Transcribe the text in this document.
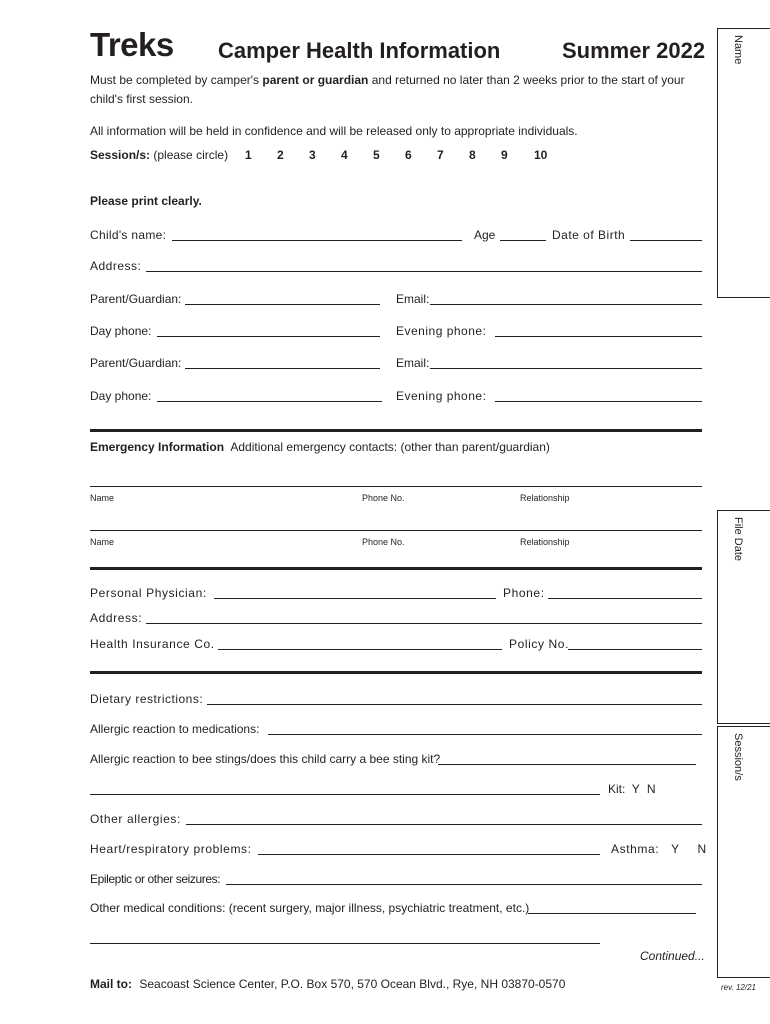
Name
File Date
Session/s
Treks Camper Health Information	Summer 2022
Must be completed by camper's parent or guardian and returned no later than 2 weeks prior to the start of your
child's first session.
All information will be held in confidence and will be released only to appropriate individuals.
Session/s: (please circle) 1 2 3 4 5 6 7 8 9 10
Please print clearly.
Child's name:	Age	Date of Birth
Address:
Parent/Guardian:	Email:
Day phone:	Evening phone:
Parent/Guardian:	Email:
Day phone:	Evening phone:
Emergency Information Additional emergency contacts: (other than parent/guardian)
Name	Phone No.	Relationship
Name	Phone No.	Relationship
Personal Physician:	Phone:
Address:
Health Insurance Co.	Policy No.
Dietary restrictions:
Allergic reaction to medications:
Allergic reaction to bee stings/does this child carry a bee sting kit?
Kit: Y N
Other allergies:
Heart/respiratory problems:	Asthma: Y N
Epileptic or other seizures:
Other medical conditions: (recent surgery, major illness, psychiatric treatment, etc.)
Continued...
Mail to: Seacoast Science Center, P.O. Box 570, 570 Ocean Blvd., Rye, NH 03870-0570	rev. 12/21
